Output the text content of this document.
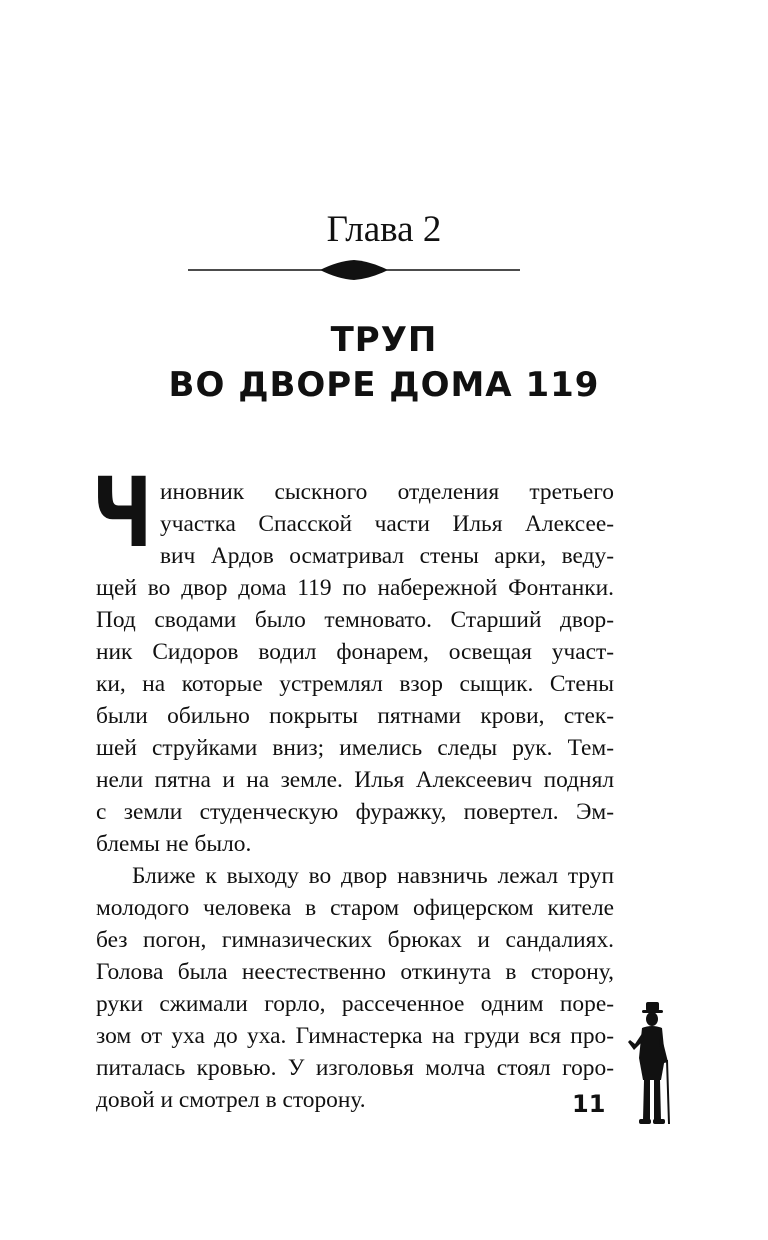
Глава 2
ТРУП
ВО ДВОРЕ ДОМА 119
Ч иновник сыскного отделения третьего
участка Спасской части Илья Алексее-
вич Ардов осматривал стены арки, веду-
щей во двор дома 119 по набережной Фонтанки.
Под сводами было темновато. Старший двор-
ник Сидоров водил фонарем, освещая участ-
ки, на которые устремлял взор сыщик. Стены
были обильно покрыты пятнами крови, стек-
шей струйками вниз; имелись следы рук. Тем-
нели пятна и на земле. Илья Алексеевич поднял
с земли студенческую фуражку, повертел. Эм-
блемы не было.
Ближе к выходу во двор навзничь лежал труп
молодого человека в старом офицерском кителе
без погон, гимназических брюках и сандалиях.
Голова была неестественно откинута в сторону,
руки сжимали горло, рассеченное одним поре-
зом от уха до уха. Гимнастерка на груди вся про-
питалась кровью. У изголовья молча стоял горо-
довой и смотрел в сторону.	11
